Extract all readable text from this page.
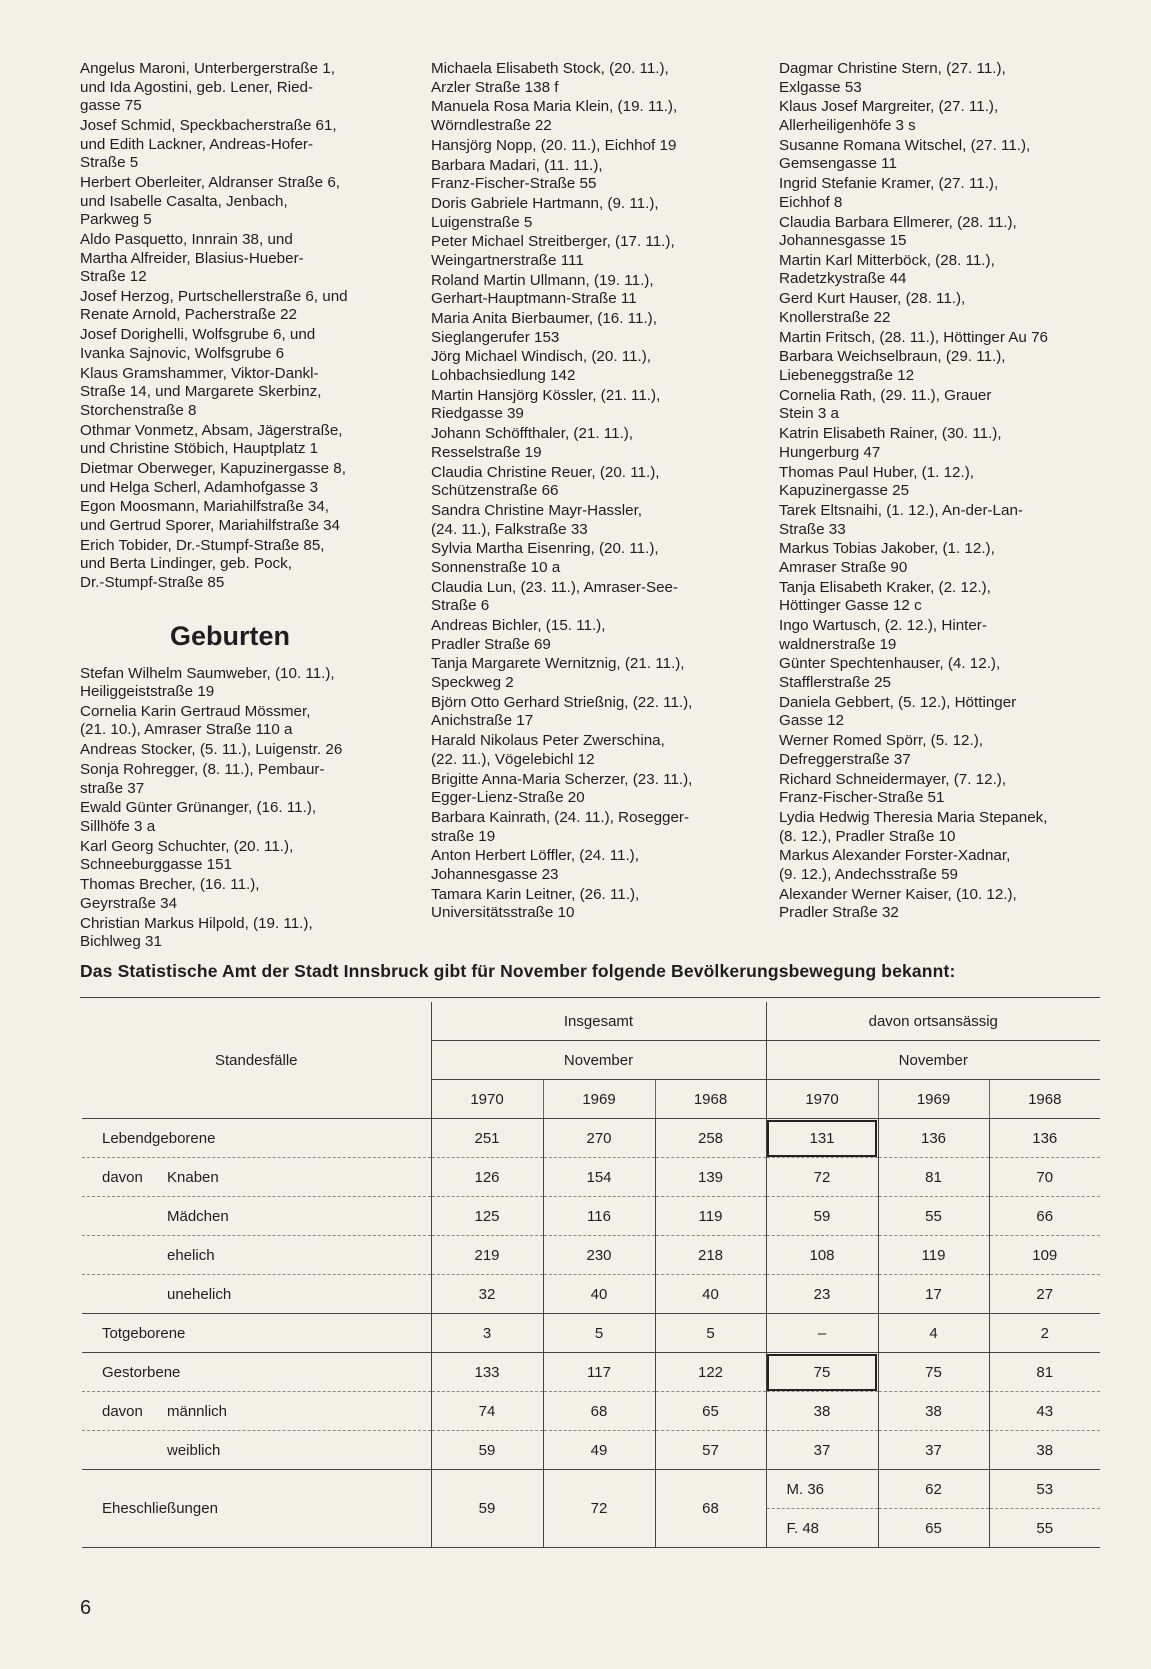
Angelus Maroni, Unterbergerstraße 1,
und Ida Agostini, geb. Lener, Ried-
gasse 75
Josef Schmid, Speckbacherstraße 61,
und Edith Lackner, Andreas-Hofer-
Straße 5
Herbert Oberleiter, Aldranser Straße 6,
und Isabelle Casalta, Jenbach,
Parkweg 5
Aldo Pasquetto, Innrain 38, und
Martha Alfreider, Blasius-Hueber-
Straße 12
Josef Herzog, Purtschellerstraße 6, und
Renate Arnold, Pacherstraße 22
Josef Dorighelli, Wolfsgrube 6, und
Ivanka Sajnovic, Wolfsgrube 6
Klaus Gramshammer, Viktor-Dankl-
Straße 14, und Margarete Skerbinz,
Storchenstraße 8
Othmar Vonmetz, Absam, Jägerstraße,
und Christine Stöbich, Hauptplatz 1
Dietmar Oberweger, Kapuzinergasse 8,
und Helga Scherl, Adamhofgasse 3
Egon Moosmann, Mariahilfstraße 34,
und Gertrud Sporer, Mariahilfstraße 34
Erich Tobider, Dr.-Stumpf-Straße 85,
und Berta Lindinger, geb. Pock,
Dr.-Stumpf-Straße 85
Geburten
Stefan Wilhelm Saumweber, (10. 11.),
Heiliggeiststraße 19
Cornelia Karin Gertraud Mössmer,
(21. 10.), Amraser Straße 110 a
Andreas Stocker, (5. 11.), Luigenstr. 26
Sonja Rohregger, (8. 11.), Pembaur-
straße 37
Ewald Günter Grünanger, (16. 11.),
Sillhöfe 3 a
Karl Georg Schuchter, (20. 11.),
Schneeburggasse 151
Thomas Brecher, (16. 11.),
Geyrstraße 34
Christian Markus Hilpold, (19. 11.),
Bichlweg 31
Michaela Elisabeth Stock, (20. 11.),
Arzler Straße 138 f
Manuela Rosa Maria Klein, (19. 11.),
Wörndlestraße 22
Hansjörg Nopp, (20. 11.), Eichhof 19
Barbara Madari, (11. 11.),
Franz-Fischer-Straße 55
Doris Gabriele Hartmann, (9. 11.),
Luigenstraße 5
Peter Michael Streitberger, (17. 11.),
Weingartnerstraße 111
Roland Martin Ullmann, (19. 11.),
Gerhart-Hauptmann-Straße 11
Maria Anita Bierbaumer, (16. 11.),
Sieglangerufer 153
Jörg Michael Windisch, (20. 11.),
Lohbachsiedlung 142
Martin Hansjörg Kössler, (21. 11.),
Riedgasse 39
Johann Schöffthaler, (21. 11.),
Resselstraße 19
Claudia Christine Reuer, (20. 11.),
Schützenstraße 66
Sandra Christine Mayr-Hassler,
(24. 11.), Falkstraße 33
Sylvia Martha Eisenring, (20. 11.),
Sonnenstraße 10 a
Claudia Lun, (23. 11.), Amraser-See-
Straße 6
Andreas Bichler, (15. 11.),
Pradler Straße 69
Tanja Margarete Wernitznig, (21. 11.),
Speckweg 2
Björn Otto Gerhard Strießnig, (22. 11.),
Anichstraße 17
Harald Nikolaus Peter Zwerschina,
(22. 11.), Vögelebichl 12
Brigitte Anna-Maria Scherzer, (23. 11.),
Egger-Lienz-Straße 20
Barbara Kainrath, (24. 11.), Rosegger-
straße 19
Anton Herbert Löffler, (24. 11.),
Johannesgasse 23
Tamara Karin Leitner, (26. 11.),
Universitätsstraße 10
Dagmar Christine Stern, (27. 11.),
Exlgasse 53
Klaus Josef Margreiter, (27. 11.),
Allerheiligenhöfe 3 s
Susanne Romana Witschel, (27. 11.),
Gemsengasse 11
Ingrid Stefanie Kramer, (27. 11.),
Eichhof 8
Claudia Barbara Ellmerer, (28. 11.),
Johannesgasse 15
Martin Karl Mitterböck, (28. 11.),
Radetzkystraße 44
Gerd Kurt Hauser, (28. 11.),
Knollerstraße 22
Martin Fritsch, (28. 11.), Höttinger Au 76
Barbara Weichselbraun, (29. 11.),
Liebeneggstraße 12
Cornelia Rath, (29. 11.), Grauer
Stein 3 a
Katrin Elisabeth Rainer, (30. 11.),
Hungerburg 47
Thomas Paul Huber, (1. 12.),
Kapuzinergasse 25
Tarek Eltsnaihi, (1. 12.), An-der-Lan-
Straße 33
Markus Tobias Jakober, (1. 12.),
Amraser Straße 90
Tanja Elisabeth Kraker, (2. 12.),
Höttinger Gasse 12 c
Ingo Wartusch, (2. 12.), Hinter-
waldnerstraße 19
Günter Spechtenhauser, (4. 12.),
Stafflerstraße 25
Daniela Gebbert, (5. 12.), Höttinger
Gasse 12
Werner Romed Spörr, (5. 12.),
Defreggerstraße 37
Richard Schneidermayer, (7. 12.),
Franz-Fischer-Straße 51
Lydia Hedwig Theresia Maria Stepanek,
(8. 12.), Pradler Straße 10
Markus Alexander Forster-Xadnar,
(9. 12.), Andechsstraße 59
Alexander Werner Kaiser, (10. 12.),
Pradler Straße 32
Das Statistische Amt der Stadt Innsbruck gibt für November folgende Bevölkerungsbewegung bekannt:
Standesfälle	Insgesamt			davon ortsansässig		
	November			November		
	1970	1969	1968	1970	1969	1968
Lebendgeborene	251	270	258	131	136	136

davon Knaben	126	154	139	72	81	70
Mädchen	125	116	119	59	55	66
ehelich	219	230	218	108	119	109
unehelich	32	40	40	23	17	27
Totgeborene	3	5	5	–	4	2
Gestorbene	133	117	122	75	75	81

davon männlich	74	68	65	38	38	43
weiblich	59	49	57	37	37	38
Eheschließungen	59	72	68	M. 36	62	53
				F. 48	65	55
6
